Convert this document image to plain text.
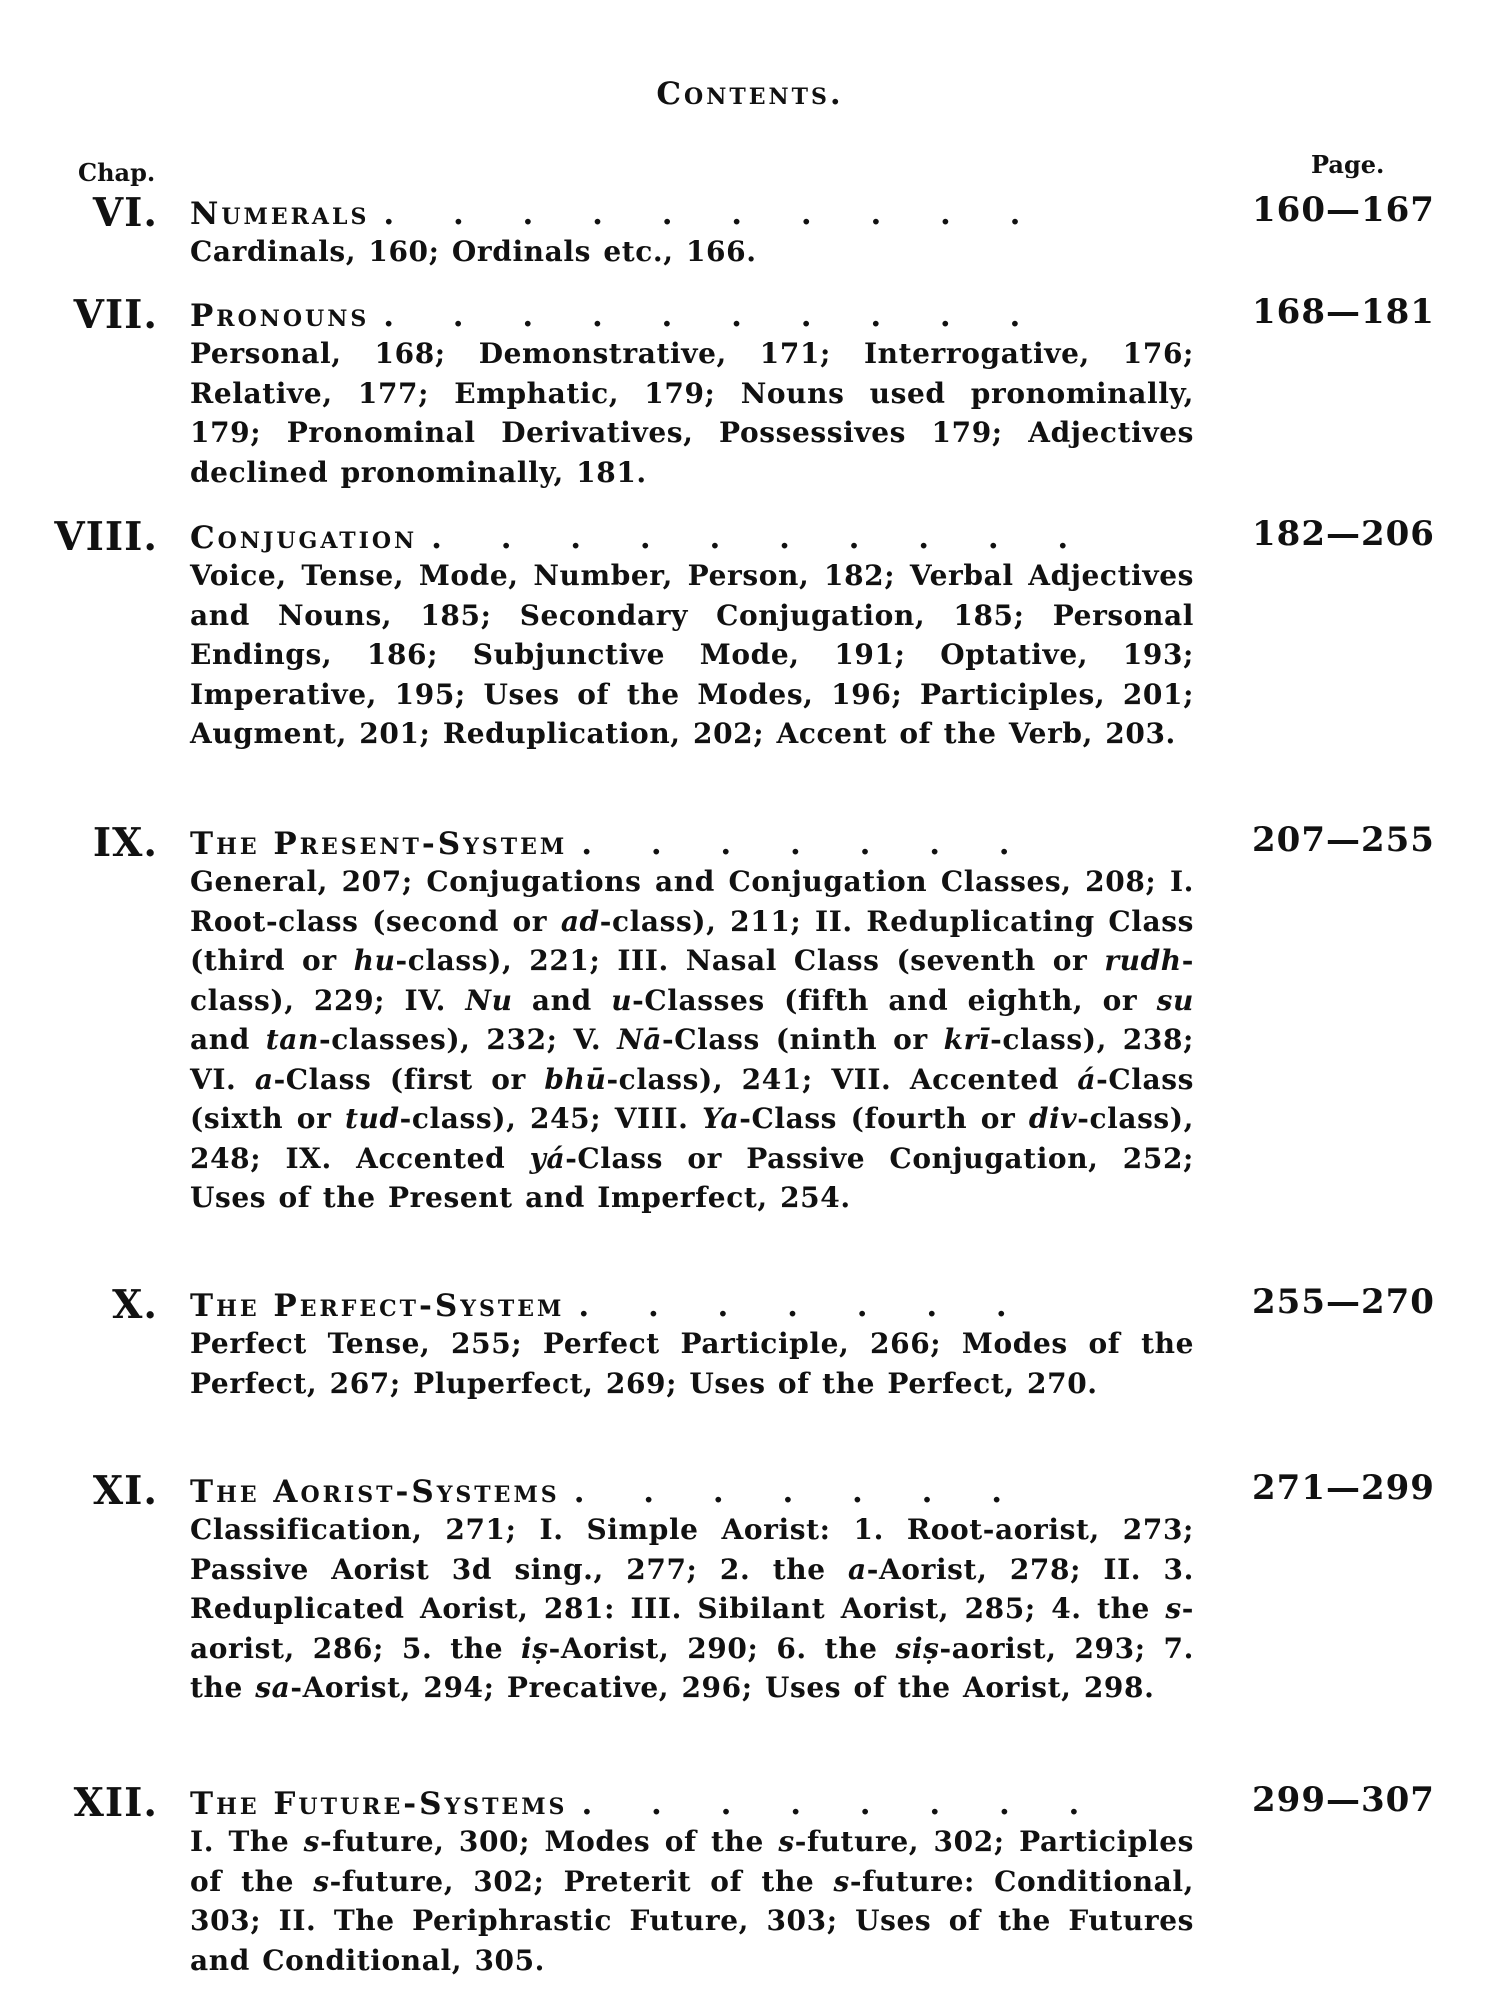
Contents.
Chap.	Page.
VI. Numerals . . . . . . . . . .	160—167
Cardinals, 160; Ordinals etc., 166.
VII. Pronouns . . . . . . . . . .	168—181
Personal, 168; Demonstrative, 171; Interrogative, 176; Relative, 177; Emphatic, 179; Nouns used pronominally, 179; Pronominal Derivatives, Possessives 179; Adjectives declined pronominally, 181.
VIII. Conjugation . . . . . . . . . .	182—206
Voice, Tense, Mode, Number, Person, 182; Verbal Adjectives and Nouns, 185; Secondary Conjugation, 185; Personal Endings, 186; Subjunctive Mode, 191; Optative, 193; Imperative, 195; Uses of the Modes, 196; Participles, 201; Augment, 201; Reduplication, 202; Accent of the Verb, 203.
IX. The Present-System . . . . . . .	207—255
General, 207; Conjugations and Conjugation Classes, 208; I. Root-class (second or ad-class), 211; II. Reduplicating Class (third or hu-class), 221; III. Nasal Class (seventh or rudh-class), 229; IV. Nu and u-Classes (fifth and eighth, or su and tan-classes), 232; V. Nā-Class (ninth or krī-class), 238; VI. a-Class (first or bhū-class), 241; VII. Accented á-Class (sixth or tud-class), 245; VIII. Ya-Class (fourth or div-class), 248; IX. Accented yá-Class or Passive Conjugation, 252; Uses of the Present and Imperfect, 254.
X. The Perfect-System . . . . . . .	255—270
Perfect Tense, 255; Perfect Participle, 266; Modes of the Perfect, 267; Pluperfect, 269; Uses of the Perfect, 270.
XI. The Aorist-Systems . . . . . . .	271—299
Classification, 271; I. Simple Aorist: 1. Root-aorist, 273; Passive Aorist 3d sing., 277; 2. the a-Aorist, 278; II. 3. Reduplicated Aorist, 281: III. Sibilant Aorist, 285; 4. the s-aorist, 286; 5. the iṣ-Aorist, 290; 6. the siṣ-aorist, 293; 7. the sa-Aorist, 294; Precative, 296; Uses of the Aorist, 298.
XII. The Future-Systems . . . . . . . .	299—307
I. The s-future, 300; Modes of the s-future, 302; Participles of the s-future, 302; Preterit of the s-future: Conditional, 303; II. The Periphrastic Future, 303; Uses of the Futures and Conditional, 305.
